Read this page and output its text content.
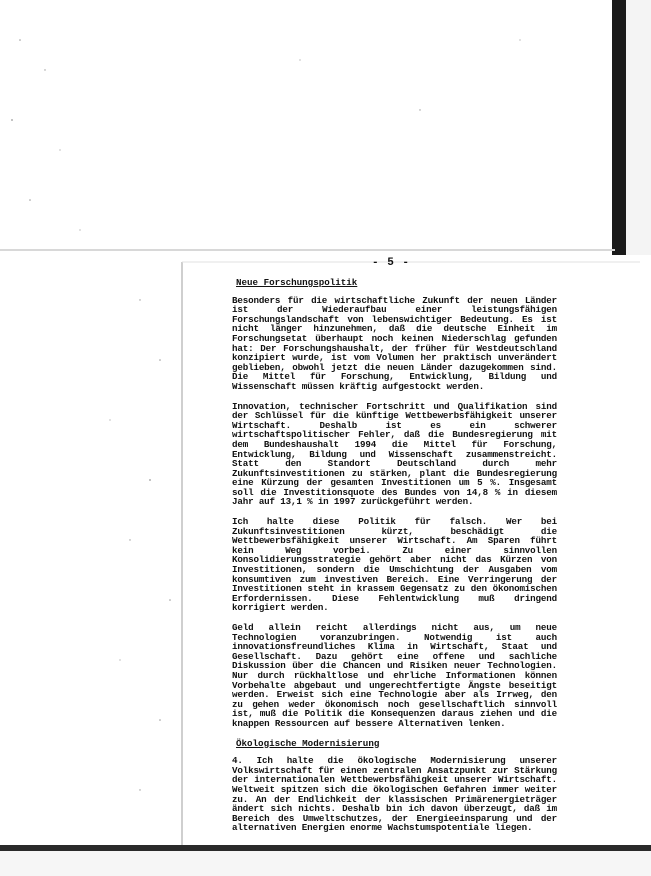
- 5 -
Neue Forschungspolitik

Besonders für die wirtschaftliche Zukunft der neuen Länder ist der Wiederaufbau einer leistungsfähigen Forschungslandschaft von lebenswichtiger Bedeutung. Es ist nicht länger hinzunehmen, daß die deutsche Einheit im Forschungsetat überhaupt noch keinen Niederschlag gefunden hat: Der Forschungshaushalt, der früher für Westdeutschland konzipiert wurde, ist vom Volumen her praktisch unverändert geblieben, obwohl jetzt die neuen Länder dazugekommen sind. Die Mittel für Forschung, Entwicklung, Bildung und Wissenschaft müssen kräftig aufgestockt werden.

Innovation, technischer Fortschritt und Qualifikation sind der Schlüssel für die künftige Wettbewerbsfähigkeit unserer Wirtschaft. Deshalb ist es ein schwerer wirtschaftspolitischer Fehler, daß die Bundesregierung mit dem Bundeshaushalt 1994 die Mittel für Forschung, Entwicklung, Bildung und Wissenschaft zusammenstreicht. Statt den Standort Deutschland durch mehr Zukunftsinvestitionen zu stärken, plant die Bundesregierung eine Kürzung der gesamten Investitionen um 5 %. Insgesamt soll die Investitionsquote des Bundes von 14,8 % in diesem Jahr auf 13,1 % in 1997 zurückgeführt werden.

Ich halte diese Politik für falsch. Wer bei Zukunftsinvestitionen kürzt, beschädigt die Wettbewerbsfähigkeit unserer Wirtschaft. Am Sparen führt kein Weg vorbei. Zu einer sinnvollen Konsolidierungsstrategie gehört aber nicht das Kürzen von Investitionen, sondern die Umschichtung der Ausgaben vom konsumtiven zum investiven Bereich. Eine Verringerung der Investitionen steht in krassem Gegensatz zu den ökonomischen Erfordernissen. Diese Fehlentwicklung muß dringend korrigiert werden.

Geld allein reicht allerdings nicht aus, um neue Technologien voranzubringen. Notwendig ist auch innovationsfreundliches Klima in Wirtschaft, Staat und Gesellschaft. Dazu gehört eine offene und sachliche Diskussion über die Chancen und Risiken neuer Technologien. Nur durch rückhaltlose und ehrliche Informationen können Vorbehalte abgebaut und ungerechtfertigte Ängste beseitigt werden. Erweist sich eine Technologie aber als Irrweg, den zu gehen weder ökonomisch noch gesellschaftlich sinnvoll ist, muß die Politik die Konsequenzen daraus ziehen und die knappen Ressourcen auf bessere Alternativen lenken.

Ökologische Modernisierung

4. Ich halte die ökologische Modernisierung unserer Volkswirtschaft für einen zentralen Ansatzpunkt zur Stärkung der internationalen Wettbewerbsfähigkeit unserer Wirtschaft. Weltweit spitzen sich die ökologischen Gefahren immer weiter zu. An der Endlichkeit der klassischen Primärenergieträger ändert sich nichts. Deshalb bin ich davon überzeugt, daß im Bereich des Umweltschutzes, der Energieeinsparung und der alternativen Energien enorme Wachstumspotentiale liegen.
